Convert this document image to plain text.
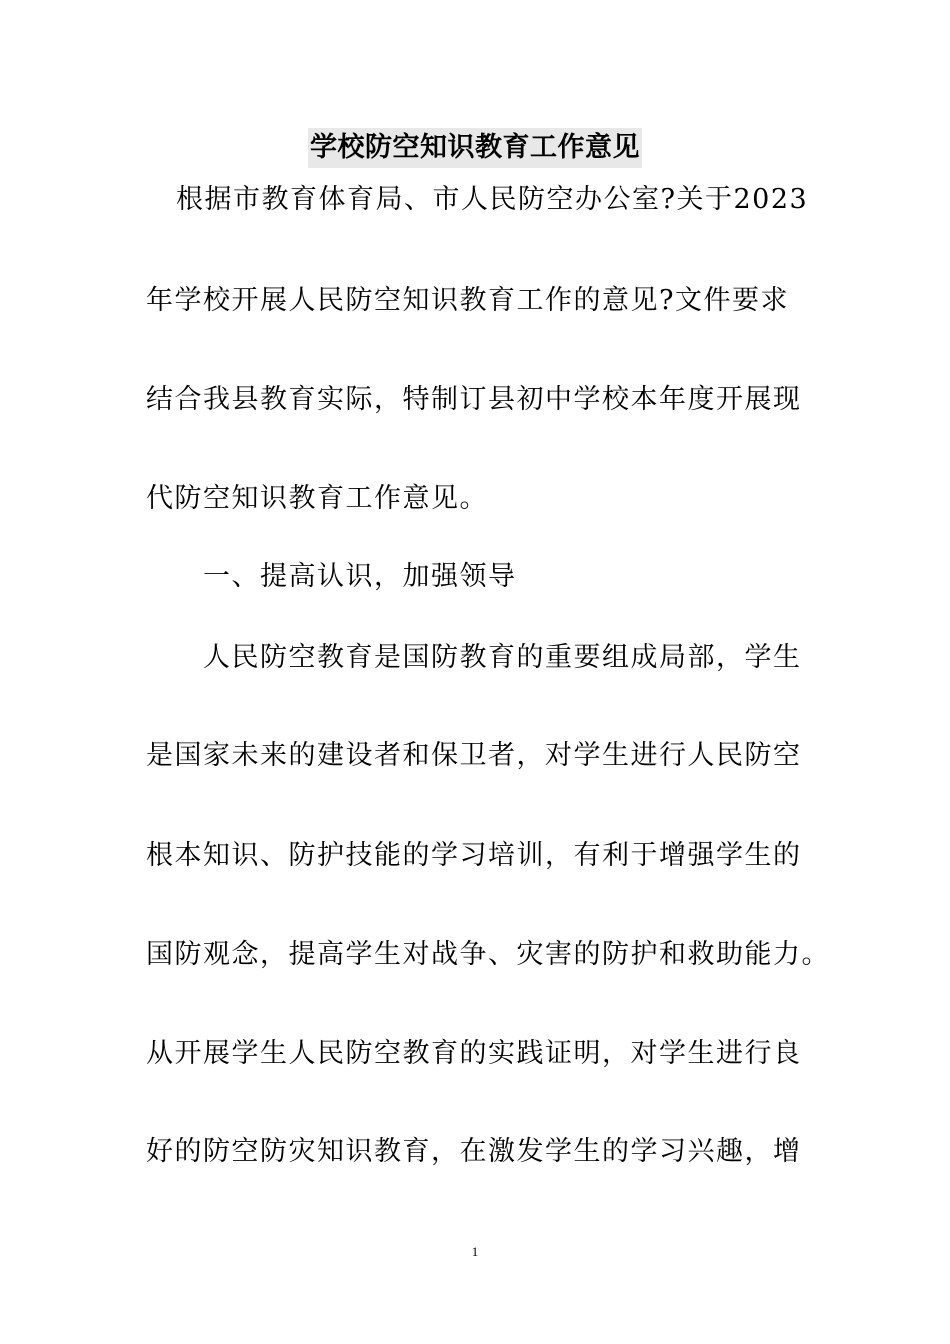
学校防空知识教育工作意见
根据市教育体育局、市人民防空办公室?关于2023
年学校开展人民防空知识教育工作的意见?文件要求
结合我县教育实际，特制订县初中学校本年度开展现
代防空知识教育工作意见。
一、提高认识，加强领导
人民防空教育是国防教育的重要组成局部，学生
是国家未来的建设者和保卫者，对学生进行人民防空
根本知识、防护技能的学习培训，有利于增强学生的
国防观念，提高学生对战争、灾害的防护和救助能力。
从开展学生人民防空教育的实践证明，对学生进行良
好的防空防灾知识教育，在激发学生的学习兴趣，增
1
